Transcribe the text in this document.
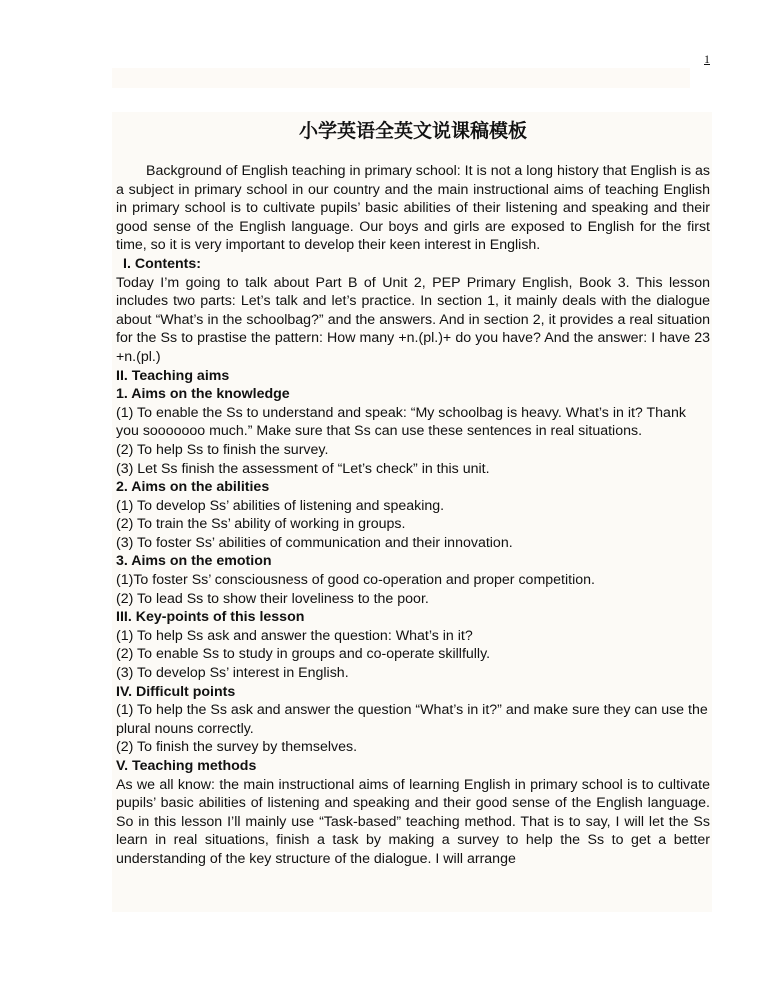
1
小学英语全英文说课稿模板

Background of English teaching in primary school: It is not a long history that English is as a subject in primary school in our country and the main instructional aims of teaching English in primary school is to cultivate pupils’ basic abilities of their listening and speaking and their good sense of the English language. Our boys and girls are exposed to English for the first time, so it is very important to develop their keen interest in English.

I. Contents:

Today I’m going to talk about Part B of Unit 2, PEP Primary English, Book 3. This lesson includes two parts: Let’s talk and let’s practice. In section 1, it mainly deals with the dialogue about “What’s in the schoolbag?” and the answers. And in section 2, it provides a real situation for the Ss to prastise the pattern: How many +n.(pl.)+ do you have? And the answer: I have 23 +n.(pl.)

II. Teaching aims
1. Aims on the knowledge

(1) To enable the Ss to understand and speak: “My schoolbag is heavy. What’s in it? Thank you sooooooo much.” Make sure that Ss can use these sentences in real situations.

(2) To help Ss to finish the survey.

(3) Let Ss finish the assessment of “Let’s check” in this unit.

2. Aims on the abilities

(1) To develop Ss’ abilities of listening and speaking.

(2) To train the Ss’ ability of working in groups.

(3) To foster Ss’ abilities of communication and their innovation.

3. Aims on the emotion

(1)To foster Ss’ consciousness of good co-operation and proper competition.

(2) To lead Ss to show their loveliness to the poor.

III. Key-points of this lesson

(1) To help Ss ask and answer the question: What’s in it?

(2) To enable Ss to study in groups and co-operate skillfully.

(3) To develop Ss’ interest in English.

IV. Difficult points

(1) To help the Ss ask and answer the question “What’s in it?” and make sure they can use the plural nouns correctly.

(2) To finish the survey by themselves.

V. Teaching methods

As we all know: the main instructional aims of learning English in primary school is to cultivate pupils’ basic abilities of listening and speaking and their good sense of the English language. So in this lesson I’ll mainly use “Task-based” teaching method. That is to say, I will let the Ss learn in real situations, finish a task by making a survey to help the Ss to get a better understanding of the key structure of the dialogue. I will arrange
